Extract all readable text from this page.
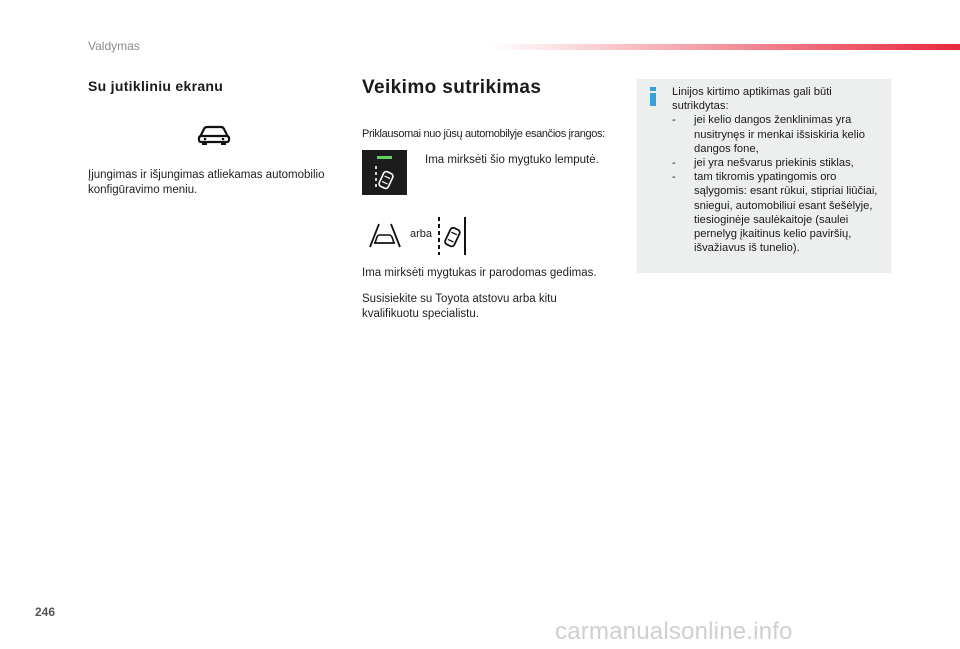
Valdymas
Su jutikliniu ekranu
Įjungimas ir išjungimas atliekamas automobilio konfigūravimo meniu.
Veikimo sutrikimas
Priklausomai nuo jūsų automobilyje esančios įrangos:
Ima mirksėti šio mygtuko lemputė.
arba
Ima mirksėti mygtukas ir parodomas gedimas.
Susisiekite su Toyota atstovu arba kitu kvalifikuotu specialistu.
Linijos kirtimo aptikimas gali būti sutrikdytas:
- jei kelio dangos ženklinimas yra nusitrynęs ir menkai išsiskiria kelio dangos fone,
- jei yra nešvarus priekinis stiklas,
- tam tikromis ypatingomis oro sąlygomis: esant rūkui, stipriai liūčiai, sniegui, automobiliui esant šešėlyje, tiesioginėje saulėkaitoje (saulei pernelyg įkaitinus kelio paviršių, išvažiavus iš tunelio).
246
carmanualsonline.info
